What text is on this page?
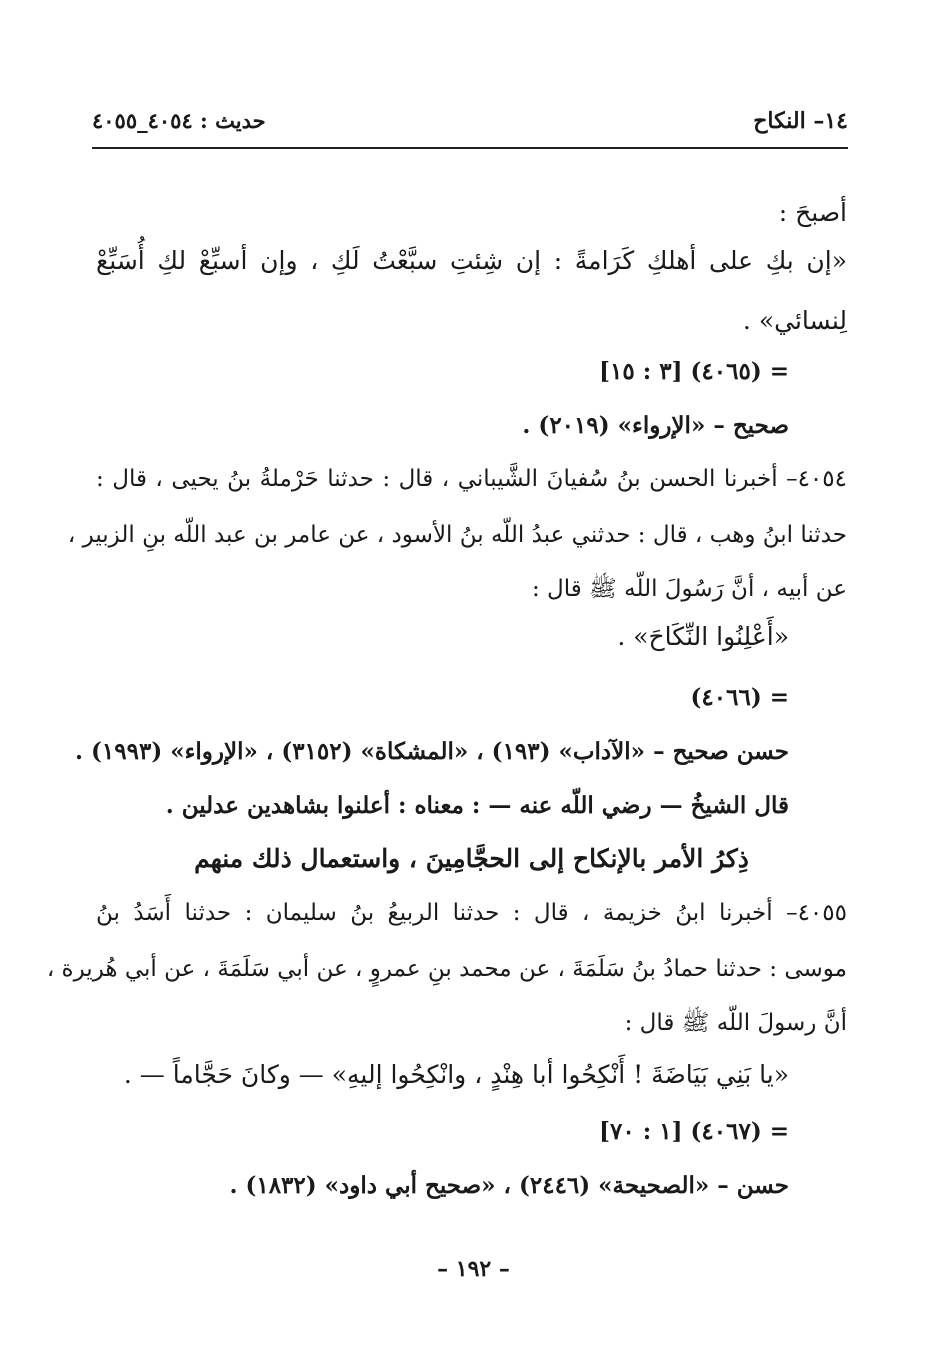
١٤– النكاح
حديث : ٤٠٥٤_٤٠٥٥
أصبحَ :
«إن بكِ على أهلكِ كَرَامةً : إن شِئتِ سبَّعْتُ لَكِ ، وإن أسبِّعْ لكِ أُسَبِّعْ
لِنسائي» .
= (٤٠٦٥) [٣ : ١٥]
صحيح – «الإرواء» (٢٠١٩) .
٤٠٥٤– أخبرنا الحسن بنُ سُفيانَ الشَّيباني ، قال : حدثنا حَرْملةُ بنُ يحيى ، قال :
حدثنا ابنُ وهب ، قال : حدثني عبدُ اللّه بنُ الأسود ، عن عامر بن عبد اللّه بنِ الزبير ،
عن أبيه ، أنَّ رَسُولَ اللّه ﷺ قال :
«أَعْلِنُوا النِّكَاحَ» .
= (٤٠٦٦)
حسن صحيح – «الآداب» (١٩٣) ، «المشكاة» (٣١٥٢) ، «الإرواء» (١٩٩٣) .
قال الشيخُ — رضي اللّه عنه — : معناه : أعلنوا بشاهدين عدلين .
ذِكرُ الأمر بالإنكاح إلى الحجَّامِينَ ، واستعمال ذلك منهم
٤٠٥٥– أخبرنا ابنُ خزيمة ، قال : حدثنا الربيعُ بنُ سليمان : حدثنا أَسَدُ بنُ
موسى : حدثنا حمادُ بنُ سَلَمَةَ ، عن محمد بنِ عمروٍ ، عن أبي سَلَمَةَ ، عن أبي هُريرة ،
أنَّ رسولَ اللّه ﷺ قال :
«يا بَنِي بَيَاضَةَ ! أَنْكِحُوا أبا هِنْدٍ ، وانْكِحُوا إليهِ» — وكانَ حَجَّاماً — .
= (٤٠٦٧) [١ : ٧٠]
حسن – «الصحيحة» (٢٤٤٦) ، «صحيح أبي داود» (١٨٣٢) .
– ١٩٢ –
